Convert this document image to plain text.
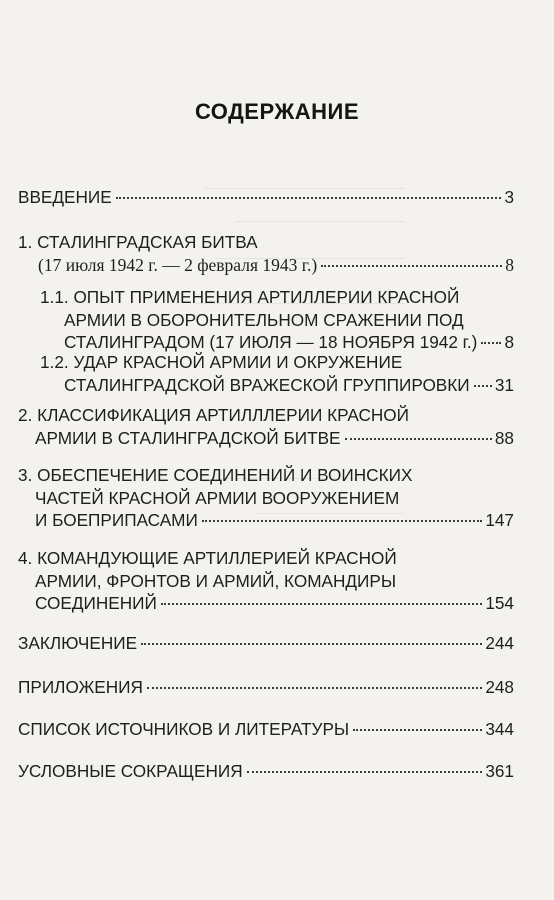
СОДЕРЖАНИЕ
ВВЕДЕНИЕ	3
1. СТАЛИНГРАДСКАЯ БИТВА
(17 июля 1942 г. — 2 февраля 1943 г.)	8
1.1. ОПЫТ ПРИМЕНЕНИЯ АРТИЛЛЕРИИ КРАСНОЙ
АРМИИ В ОБОРОНИТЕЛЬНОМ СРАЖЕНИИ ПОД
СТАЛИНГРАДОМ (17 ИЮЛЯ — 18 НОЯБРЯ 1942 г.) 8
1.2. УДАР КРАСНОЙ АРМИИ И ОКРУЖЕНИЕ
СТАЛИНГРАДСКОЙ ВРАЖЕСКОЙ ГРУППИРОВКИ 31
2. КЛАССИФИКАЦИЯ АРТИЛЛЛЕРИИ КРАСНОЙ
АРМИИ В СТАЛИНГРАДСКОЙ БИТВЕ	88
3. ОБЕСПЕЧЕНИЕ СОЕДИНЕНИЙ И ВОИНСКИХ
ЧАСТЕЙ КРАСНОЙ АРМИИ ВООРУЖЕНИЕМ
И БОЕПРИПАСАМИ	147
4. КОМАНДУЮЩИЕ АРТИЛЛЕРИЕЙ КРАСНОЙ
АРМИИ, ФРОНТОВ И АРМИЙ, КОМАНДИРЫ
СОЕДИНЕНИЙ	154
ЗАКЛЮЧЕНИЕ	244
ПРИЛОЖЕНИЯ	248
СПИСОК ИСТОЧНИКОВ И ЛИТЕРАТУРЫ	344
УСЛОВНЫЕ СОКРАЩЕНИЯ	361
